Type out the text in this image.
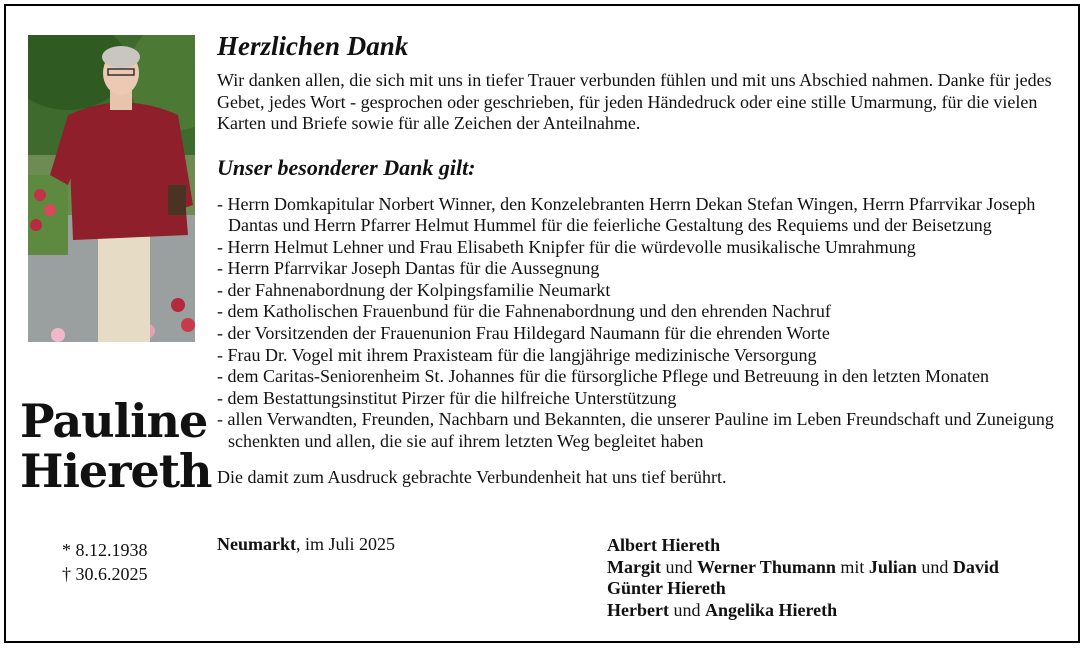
Pauline
Hiereth
* 8.12.1938
† 30.6.2025
Herzlichen Dank

Wir danken allen, die sich mit uns in tiefer Trauer verbunden fühlen und mit uns Abschied nahmen. Danke für jedes Gebet, jedes Wort - gesprochen oder geschrieben, für jeden Händedruck oder eine stille Umarmung, für die vielen Karten und Briefe sowie für alle Zeichen der Anteilnahme.

Unser besonderer Dank gilt:
- Herrn Domkapitular Norbert Winner, den Konzelebranten Herrn Dekan Stefan Wingen, Herrn Pfarrvikar Joseph Dantas und Herrn Pfarrer Helmut Hummel für die feierliche Gestaltung des Requiems und der Beisetzung
- Herrn Helmut Lehner und Frau Elisabeth Knipfer für die würdevolle musikalische Umrahmung
- Herrn Pfarrvikar Joseph Dantas für die Aussegnung
- der Fahnenabordnung der Kolpingsfamilie Neumarkt
- dem Katholischen Frauenbund für die Fahnenabordnung und den ehrenden Nachruf
- der Vorsitzenden der Frauenunion Frau Hildegard Naumann für die ehrenden Worte
- Frau Dr. Vogel mit ihrem Praxisteam für die langjährige medizinische Versorgung
- dem Caritas-Seniorenheim St. Johannes für die fürsorgliche Pflege und Betreuung in den letzten Monaten
- dem Bestattungsinstitut Pirzer für die hilfreiche Unterstützung
- allen Verwandten, Freunden, Nachbarn und Bekannten, die unserer Pauline im Leben Freundschaft und Zuneigung schenkten und allen, die sie auf ihrem letzten Weg begleitet haben

Die damit zum Ausdruck gebrachte Verbundenheit hat uns tief berührt.

Neumarkt, im Juli 2025	Albert Hiereth
Margit und Werner Thumann mit Julian und David
Günter Hiereth
Herbert und Angelika Hiereth
